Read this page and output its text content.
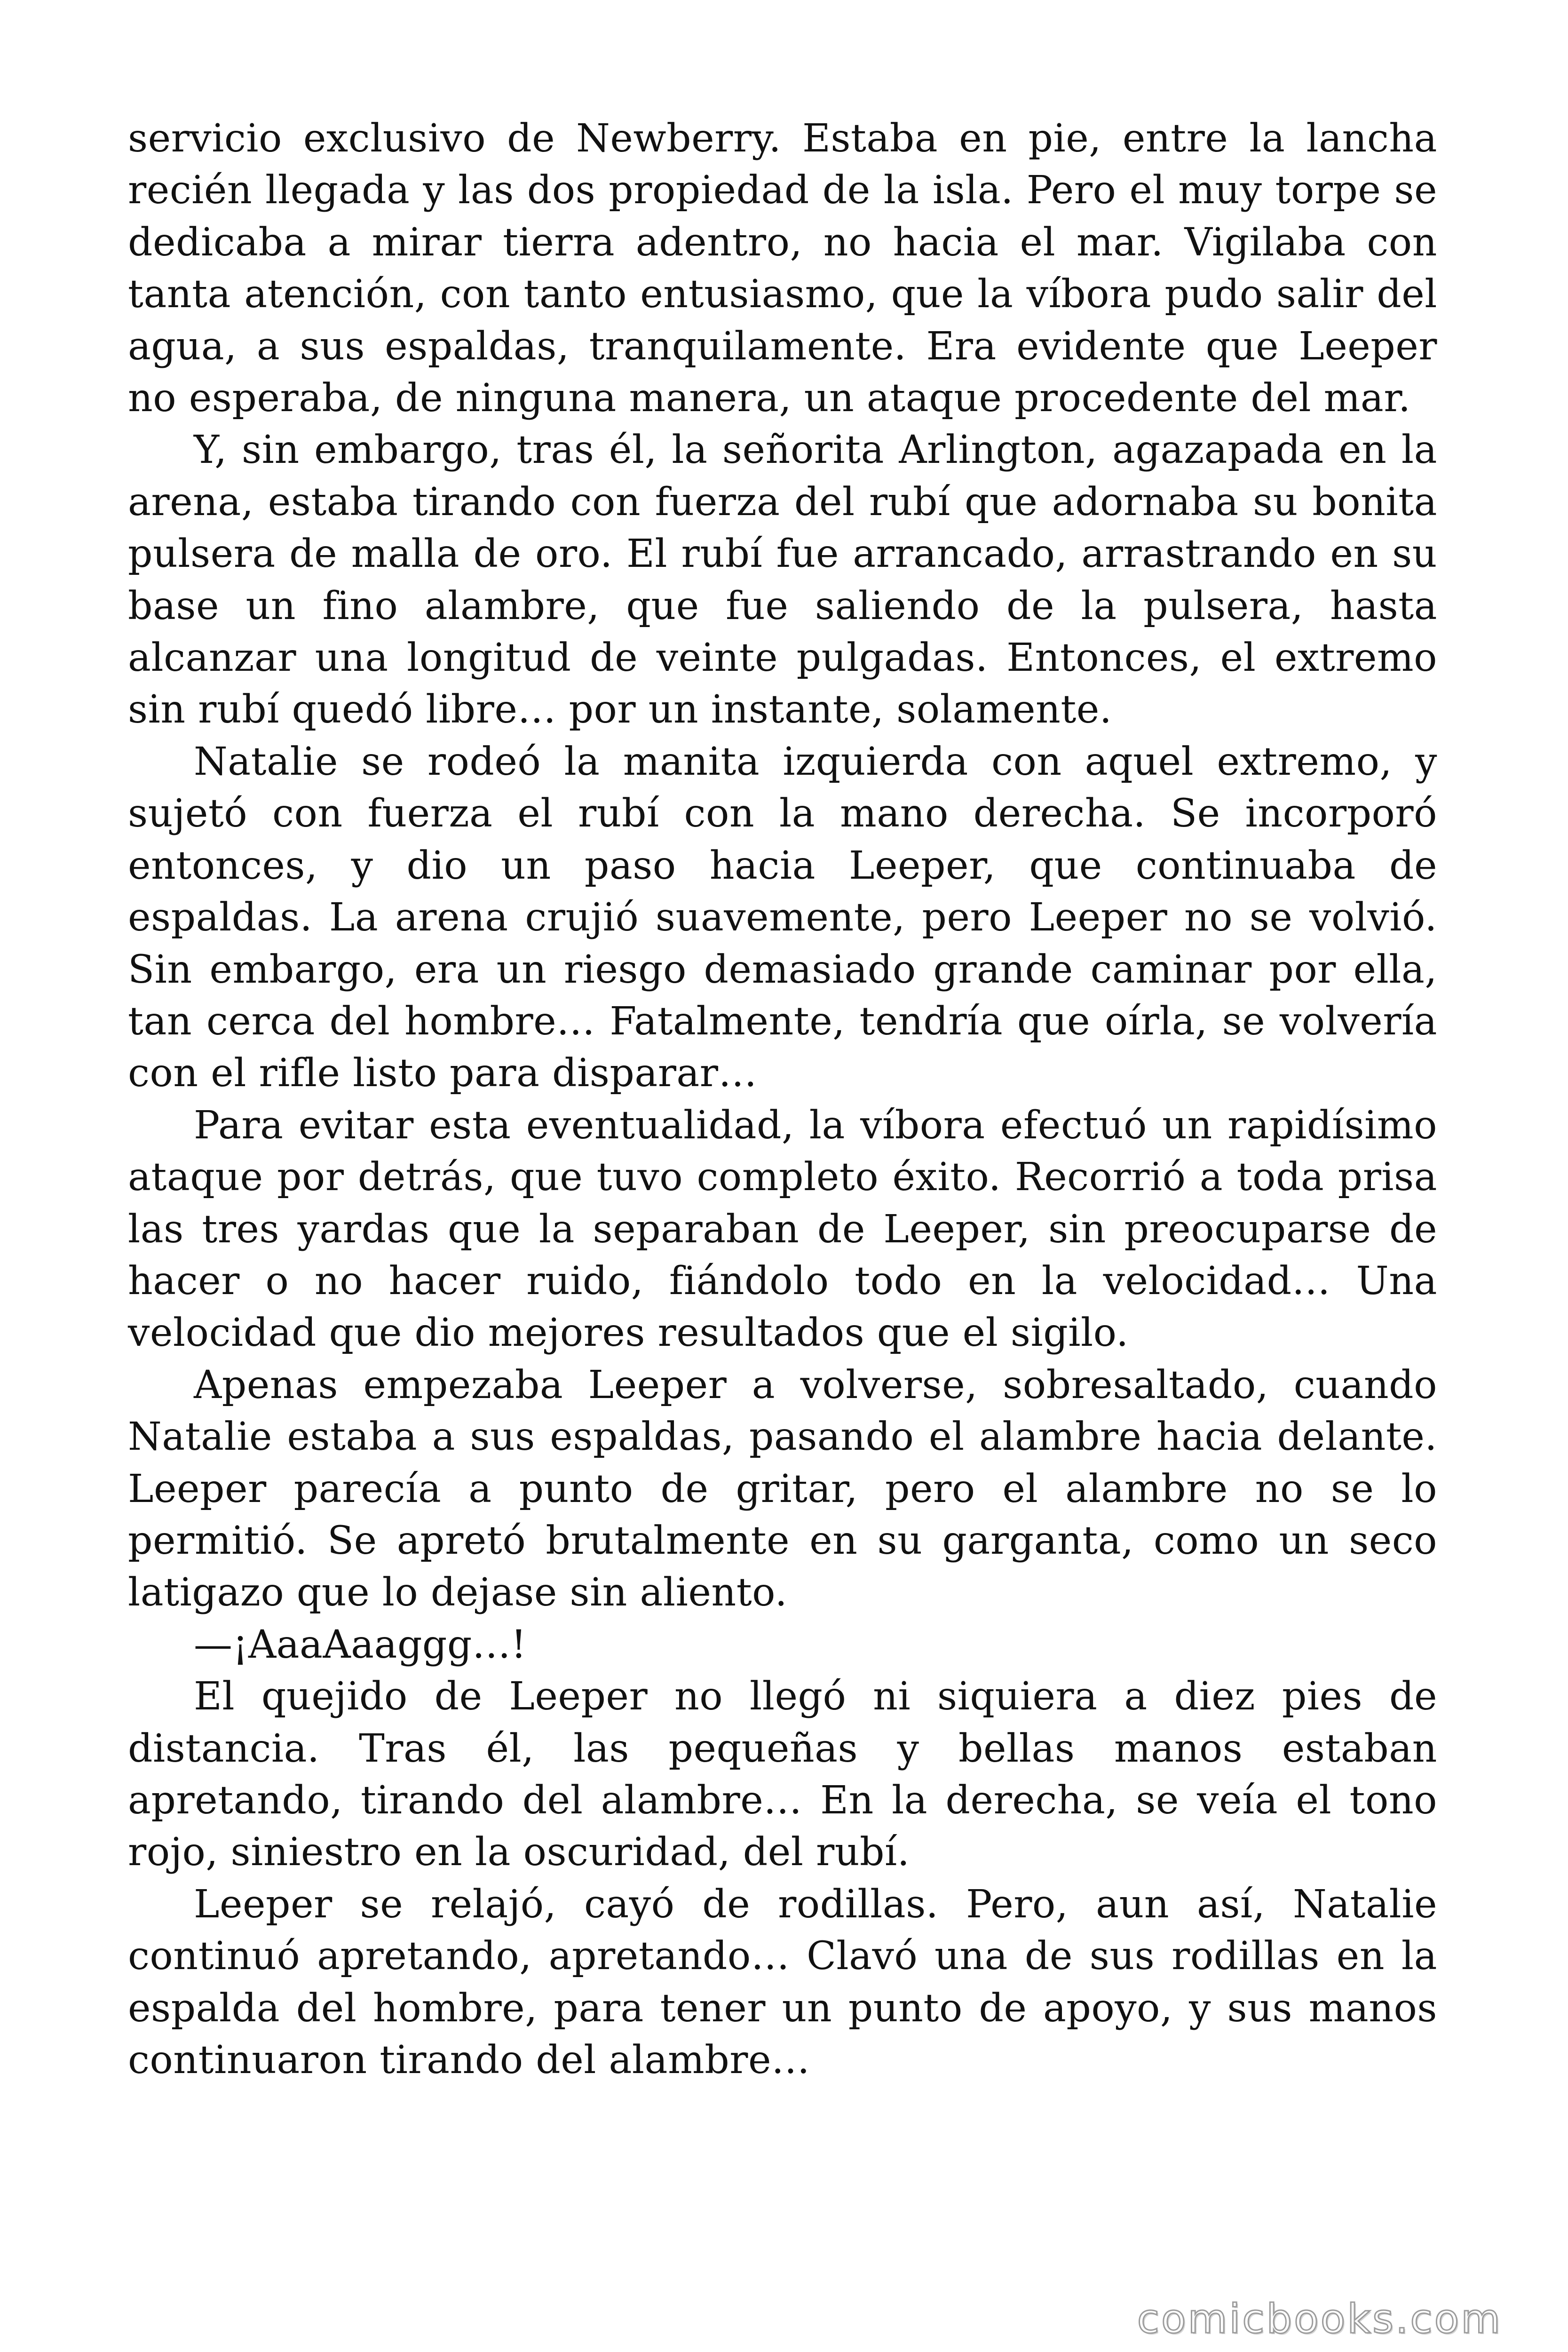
servicio exclusivo de Newberry. Estaba en pie, entre la lancha recién llegada y las dos propiedad de la isla. Pero el muy torpe se dedicaba a mirar tierra adentro, no hacia el mar. Vigilaba con tanta atención, con tanto entusiasmo, que la víbora pudo salir del agua, a sus espaldas, tranquilamente. Era evidente que Leeper no esperaba, de ninguna manera, un ataque procedente del mar.

Y, sin embargo, tras él, la señorita Arlington, agazapada en la arena, estaba tirando con fuerza del rubí que adornaba su bonita pulsera de malla de oro. El rubí fue arrancado, arrastrando en su base un fino alambre, que fue saliendo de la pulsera, hasta alcanzar una longitud de veinte pulgadas. Entonces, el extremo sin rubí quedó libre… por un instante, solamente.

Natalie se rodeó la manita izquierda con aquel extremo, y sujetó con fuerza el rubí con la mano derecha. Se incorporó entonces, y dio un paso hacia Leeper, que continuaba de espaldas. La arena crujió suavemente, pero Leeper no se volvió. Sin embargo, era un riesgo demasiado grande caminar por ella, tan cerca del hombre… Fatalmente, tendría que oírla, se volvería con el rifle listo para disparar…

Para evitar esta eventualidad, la víbora efectuó un rapidísimo ataque por detrás, que tuvo completo éxito. Recorrió a toda prisa las tres yardas que la separaban de Leeper, sin preocuparse de hacer o no hacer ruido, fiándolo todo en la velocidad… Una velocidad que dio mejores resultados que el sigilo.

Apenas empezaba Leeper a volverse, sobresaltado, cuando Natalie estaba a sus espaldas, pasando el alambre hacia delante. Leeper parecía a punto de gritar, pero el alambre no se lo permitió. Se apretó brutalmente en su garganta, como un seco latigazo que lo dejase sin aliento.

—¡AaaAaaggg…!

El quejido de Leeper no llegó ni siquiera a diez pies de distancia. Tras él, las pequeñas y bellas manos estaban apretando, tirando del alambre… En la derecha, se veía el tono rojo, siniestro en la oscuridad, del rubí.

Leeper se relajó, cayó de rodillas. Pero, aun así, Natalie continuó apretando, apretando… Clavó una de sus rodillas en la espalda del hombre, para tener un punto de apoyo, y sus manos continuaron tirando del alambre…

comicbooks.com
